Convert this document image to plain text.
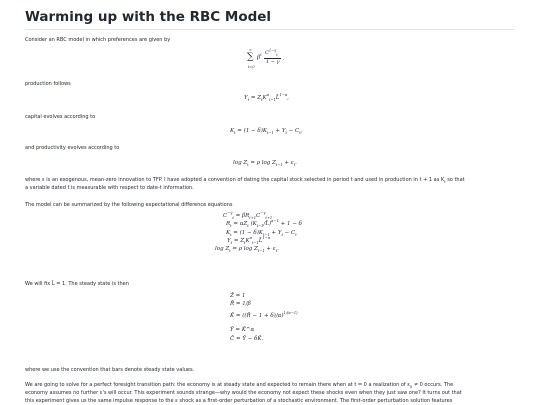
Warming up with the RBC Model

Consider an RBC model in which preferences are given by

∞
∑
t=0
$\beta^t$ $C^{1-\gamma}_t$
1 − γ .

production follows

$Y_t$ = $Z_tK^\alpha_{t-1}L̄^{1-\alpha}$,

capital evolves according to

$K_t = (1 - \delta)K_{t-1} + Y_t - C_t$,

and productivity evolves according to

$\log Z_t = \rho$ $\log Z_{t-1} + \varepsilon_t$.

where ε is an exogenous, mean-zero innovation to TFP. I have adopted a convention of dating the capital stock selected in period t and used in production in t + 1 as $K_t$ so that
a variable dated t is measurable with respect to date-t information.

The model can be summarized by the following expectational difference equations

$C^{-\gamma}_t = \beta R_{t+1}C^{-\gamma}_{t+1}$
$R_t = \alpha Z_t$ $(K_{t-1}/L̄)^{\alpha-1} + 1 - \delta$
$K_t = (1 - \delta)K_{t-1} + Y_t - C_t$
$Y_t$ = $Z_tK^\alpha_{t-1}L̄^{1-\alpha}$
$\log Z_t = \rho$ $\log Z_{t-1} + \varepsilon_t$.

We will fix L̄ = 1. The steady state is then

Z̄ = 1
R̄ = 1/β
K̄ = ((R̄ − 1 + δ)/α)$^{1/(\alpha-1)}$
Ȳ = K̄^α
C̄ = Ȳ − δK̄.

where we use the convention that bars denote steady state values.

We are going to solve for a perfect foresight transition path: the economy is at steady state and expected to remain there when at t = 0 a realization of $\varepsilon_0 \ne 0$ occurs. The
economy assumes no further ε's will occur. This experiment sounds strange—why would the economy not expect these shocks even when they just saw one? It turns out that
this experiment gives us the same impulse response to the ε shock as a first-order perturbation of a stochastic environment. The first-order perturbation solution features
